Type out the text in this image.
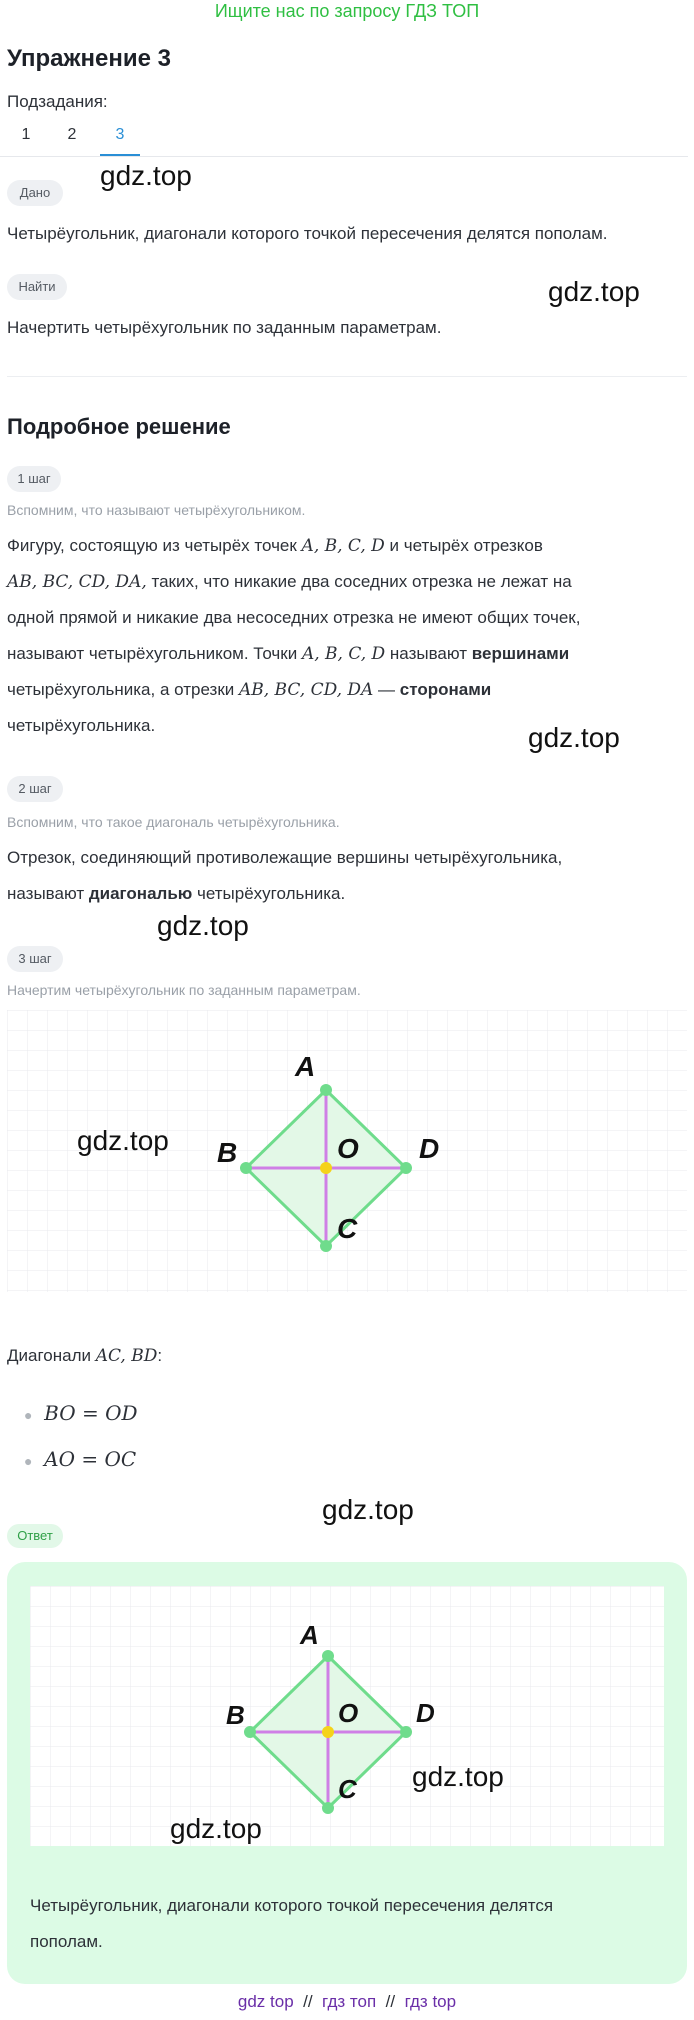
Ищите нас по запросу ГДЗ ТОП
Упражнение 3
Подзадания:
1	2	3
Дано
gdz.top
Четырёугольник, диагонали которого точкой пересечения делятся пополам.
Найти	gdz.top
Начертить четырёхугольник по заданным параметрам.
Подробное решение
1 шаг
Вспомним, что называют четырёхугольником.
Фигуру, состоящую из четырёх точек A, B, C, D и четырёх отрезков
AB, BC, CD, DA, таких, что никакие два соседних отрезка не лежат на
одной прямой и никакие два несоседних отрезка не имеют общих точек,
называют четырёхугольником. Точки A, B, C, D называют вершинами
четырёхугольника, а отрезки AB, BC, CD, DA — сторонами
четырёхугольника.	gdz.top
2 шаг
Вспомним, что такое диагональ четырёхугольника.
Отрезок, соединяющий противолежащие вершины четырёхугольника,
называют диагональю четырёхугольника.
gdz.top
3 шаг
Начертим четырёхугольник по заданным параметрам.
A
B	O D
C
gdz.top
Диагонали AC, BD:
●   BO = OD
●   AO = OC
gdz.top
Ответ
A
B	O D
C gdz.top
gdz.top
Четырёугольник, диагонали которого точкой пересечения делятся
пополам.
gdz top // гдз топ // гдз top
